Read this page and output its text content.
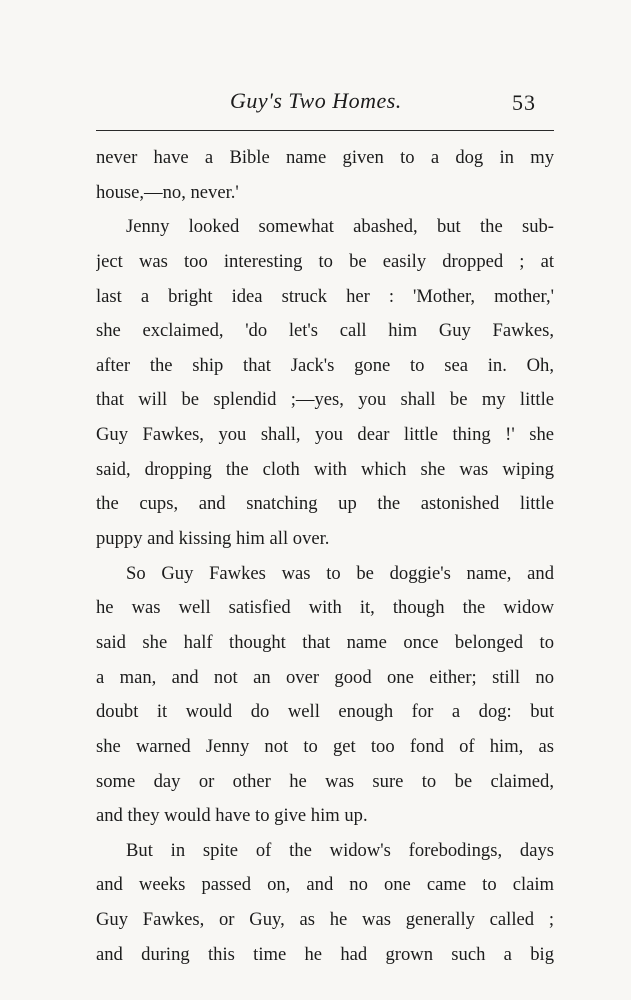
Guy's Two Homes.	53
never have a Bible name given to a dog in my
house,—no, never.'
Jenny looked somewhat abashed, but the sub-
ject was too interesting to be easily dropped ; at
last a bright idea struck her : 'Mother, mother,'
she exclaimed, 'do let's call him Guy Fawkes,
after the ship that Jack's gone to sea in. Oh,
that will be splendid ;—yes, you shall be my little
Guy Fawkes, you shall, you dear little thing !' she
said, dropping the cloth with which she was wiping
the cups, and snatching up the astonished little
puppy and kissing him all over.
So Guy Fawkes was to be doggie's name, and
he was well satisfied with it, though the widow
said she half thought that name once belonged to
a man, and not an over good one either; still no
doubt it would do well enough for a dog: but
she warned Jenny not to get too fond of him, as
some day or other he was sure to be claimed,
and they would have to give him up.
But in spite of the widow's forebodings, days
and weeks passed on, and no one came to claim
Guy Fawkes, or Guy, as he was generally called ;
and during this time he had grown such a big
